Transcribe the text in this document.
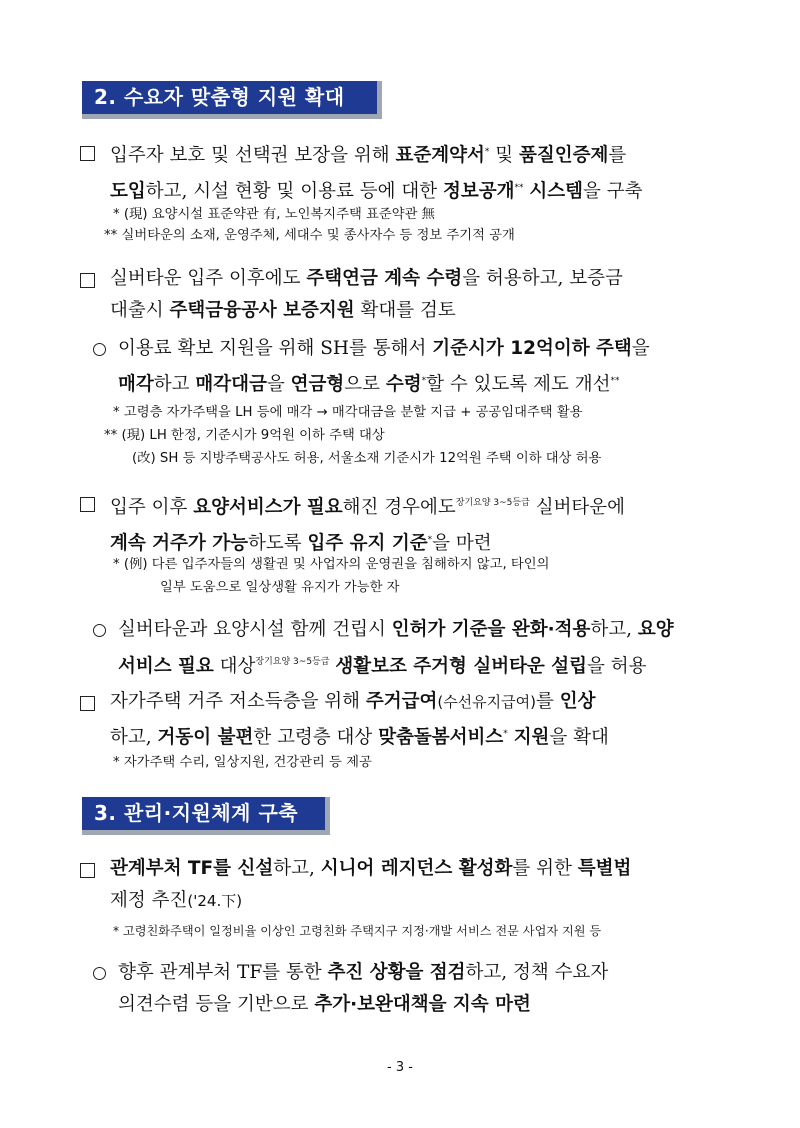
2. 수요자 맞춤형 지원 확대

입주자 보호 및 선택권 보장을 위해 표준계약서* 및 품질인증제를
도입하고, 시설 현황 및 이용료 등에 대한 정보공개** 시스템을 구축

* (現) 요양시설 표준약관 有, 노인복지주택 표준약관 無

** 실버타운의 소재, 운영주체, 세대수 및 종사자수 등 정보 주기적 공개

실버타운 입주 이후에도 주택연금 계속 수령을 허용하고, 보증금
대출시 주택금융공사 보증지원 확대를 검토

이용료 확보 지원을 위해 SH를 통해서 기준시가 12억이하 주택을
매각하고 매각대금을 연금형으로 수령*할 수 있도록 제도 개선**

* 고령층 자가주택을 LH 등에 매각 → 매각대금을 분할 지급 + 공공임대주택 활용

** (現) LH 한정, 기준시가 9억원 이하 주택 대상

(改) SH 등 지방주택공사도 허용, 서울소재 기준시가 12억원 주택 이하 대상 허용

입주 이후 요양서비스가 필요해진 경우에도$^{장기요양 3\sim 5등급}$ 실버타운에
계속 거주가 가능하도록 입주 유지 기준*을 마련

* (例) 다른 입주자들의 생활권 및 사업자의 운영권을 침해하지 않고, 타인의

일부 도움으로 일상생활 유지가 가능한 자

실버타운과 요양시설 함께 건립시 인허가 기준을 완화·적용하고, 요양
서비스 필요 대상$^{장기요양 3\sim 5등급}$ 생활보조 주거형 실버타운 설립을 허용

자가주택 거주 저소득층을 위해 주거급여(수선유지급여)를 인상
하고, 거동이 불편한 고령층 대상 맞춤돌봄서비스* 지원을 확대

* 자가주택 수리, 일상지원, 건강관리 등 제공

3. 관리·지원체계 구축

관계부처 TF를 신설하고, 시니어 레지던스 활성화를 위한 특별법
제정 추진('24.下)

* 고령친화주택이 일정비율 이상인 고령친화 주택지구 지정·개발 서비스 전문 사업자 지원 등

향후 관계부처 TF를 통한 추진 상황을 점검하고, 정책 수요자
의견수렴 등을 기반으로 추가·보완대책을 지속 마련

- 3 -
